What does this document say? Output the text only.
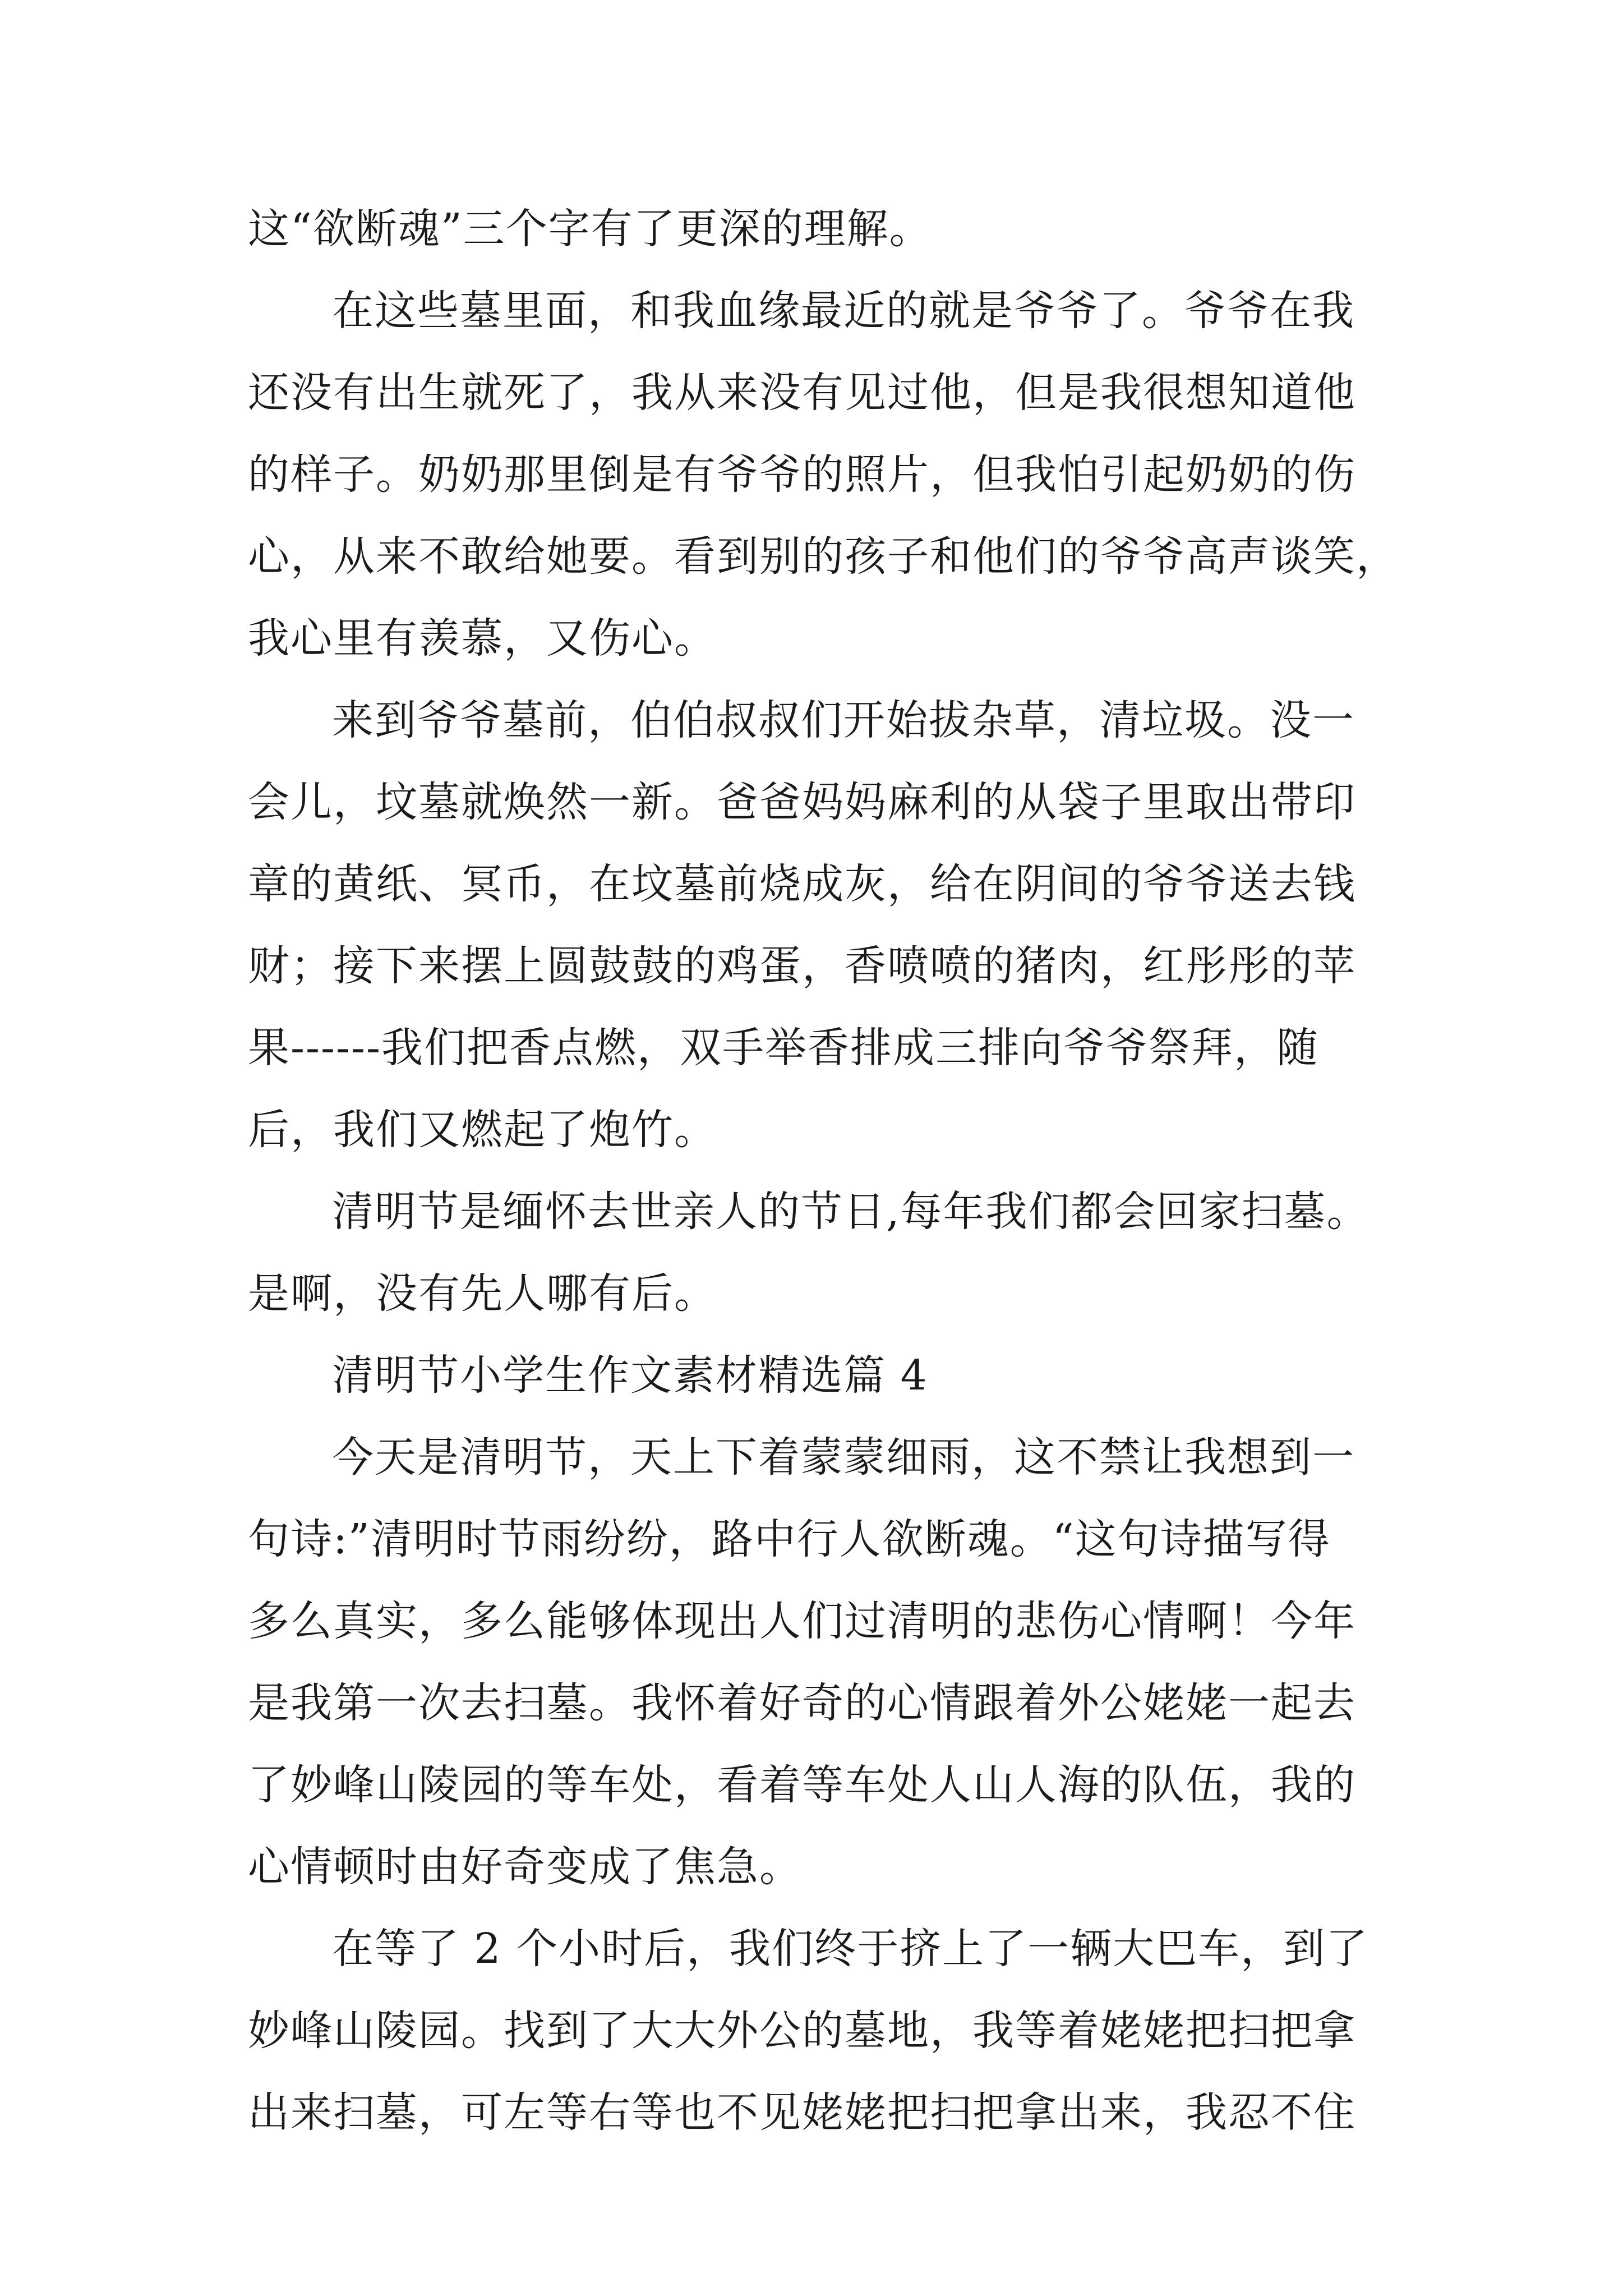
这“欲断魂”三个字有了更深的理解。
在这些墓里面，和我血缘最近的就是爷爷了。爷爷在我
还没有出生就死了，我从来没有见过他，但是我很想知道他
的样子。奶奶那里倒是有爷爷的照片，但我怕引起奶奶的伤
心，从来不敢给她要。看到别的孩子和他们的爷爷高声谈笑，
我心里有羡慕，又伤心。
来到爷爷墓前，伯伯叔叔们开始拔杂草，清垃圾。没一
会儿，坟墓就焕然一新。爸爸妈妈麻利的从袋子里取出带印
章的黄纸、冥币，在坟墓前烧成灰，给在阴间的爷爷送去钱
财；接下来摆上圆鼓鼓的鸡蛋，香喷喷的猪肉，红彤彤的苹
果------我们把香点燃，双手举香排成三排向爷爷祭拜，随
后，我们又燃起了炮竹。
清明节是缅怀去世亲人的节日,每年我们都会回家扫墓。
是啊，没有先人哪有后。
清明节小学生作文素材精选篇 4
今天是清明节，天上下着蒙蒙细雨，这不禁让我想到一
句诗:”清明时节雨纷纷，路中行人欲断魂。“这句诗描写得
多么真实，多么能够体现出人们过清明的悲伤心情啊！今年
是我第一次去扫墓。我怀着好奇的心情跟着外公姥姥一起去
了妙峰山陵园的等车处，看着等车处人山人海的队伍，我的
心情顿时由好奇变成了焦急。
在等了 2 个小时后，我们终于挤上了一辆大巴车，到了
妙峰山陵园。找到了大大外公的墓地，我等着姥姥把扫把拿
出来扫墓，可左等右等也不见姥姥把扫把拿出来，我忍不住
